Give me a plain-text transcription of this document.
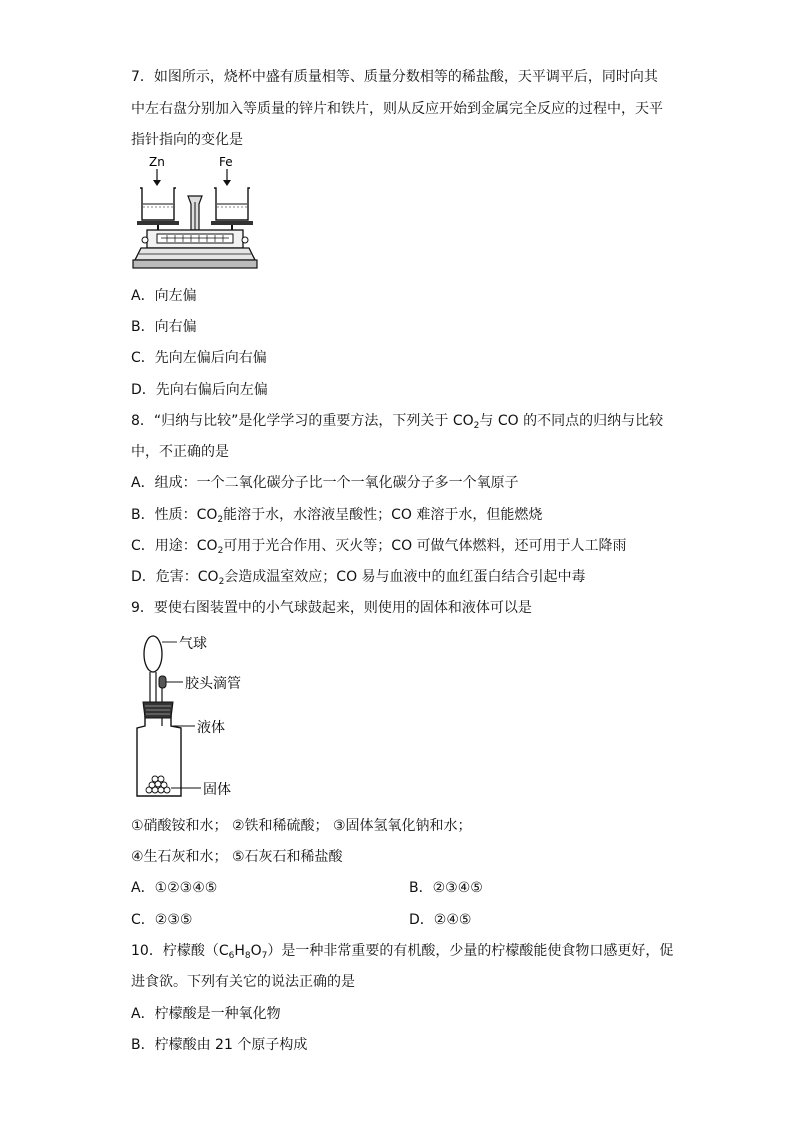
7．如图所示，烧杯中盛有质量相等、质量分数相等的稀盐酸，天平调平后，同时向其
中左右盘分别加入等质量的锌片和铁片，则从反应开始到金属完全反应的过程中，天平
指针指向的变化是
Zn	Fe
A．向左偏
B．向右偏
C．先向左偏后向右偏
D．先向右偏后向左偏
8．“归纳与比较”是化学学习的重要方法，下列关于 $CO_2$与 CO 的不同点的归纳与比较
中，不正确的是
A．组成：一个二氧化碳分子比一个一氧化碳分子多一个氧原子
B．性质：$CO_2$能溶于水，水溶液呈酸性；CO 难溶于水，但能燃烧
C．用途：$CO_2$可用于光合作用、灭火等；CO 可做气体燃料，还可用于人工降雨
D．危害：$CO_2$会造成温室效应；CO 易与血液中的血红蛋白结合引起中毒
9．要使右图装置中的小气球鼓起来，则使用的固体和液体可以是
气球
胶头滴管
液体
固体
①硝酸铵和水； ②铁和稀硫酸； ③固体氢氧化钠和水；
④生石灰和水； ⑤石灰石和稀盐酸
A．①②③④⑤	B．②③④⑤
C．②③⑤	D．②④⑤
10．柠檬酸$(C_6H_8O_7)$是一种非常重要的有机酸，少量的柠檬酸能使食物口感更好，促
进食欲。下列有关它的说法正确的是
A．柠檬酸是一种氧化物
B．柠檬酸由 21 个原子构成
